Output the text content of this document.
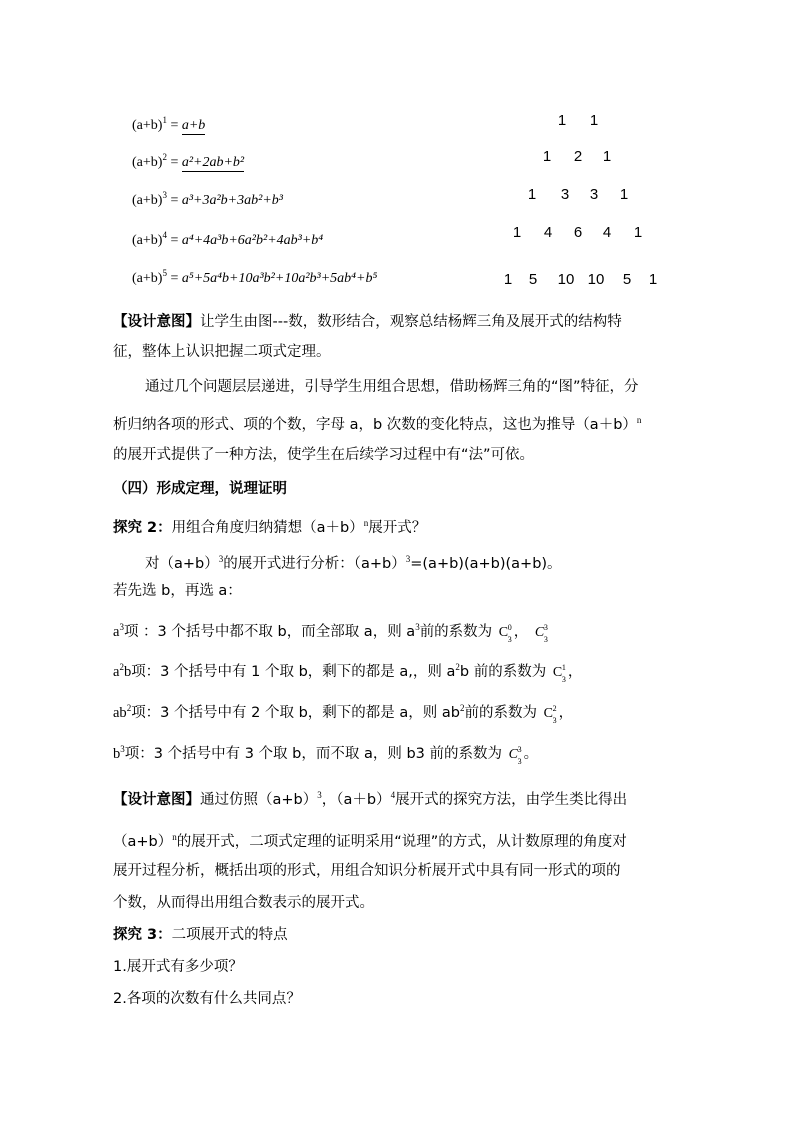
$(a+b)^1 = a+b$
$(a+b)^2 = a^2+2ab+b^2$
$(a+b)^3 = a^3+3a^2b+3ab^2+b^3$
$(a+b)^4 = a^4+4a^3b+6a^2b^2+4ab^3+b^4$
$(a+b)^5 = a^5+5a^4b+10a^3b^2+10a^2b^3+5ab^4+b^5$
1	1
1	2	1
1	3	3	1
1	4	6	4	1
1	5	10 10	5	1
【设计意图】让学生由图---数，数形结合，观察总结杨辉三角及展开式的结构特
征，整体上认识把握二项式定理。
通过几个问题层层递进，引导学生用组合思想，借助杨辉三角的“图”特征，分
析归纳各项的形式、项的个数，字母 a，b 次数的变化特点，这也为推导$(a+b)^n$
的展开式提供了一种方法，使学生在后续学习过程中有“法”可依。
（四）形成定理，说理证明
探究 2：用组合角度归纳猜想$(a+b)^n$展开式？
对$(a+b)^3$的展开式进行分析：$(a+b)^3=(a+b)(a+b)(a+b)$。
若先选 b，再选 a：
$a^3$项 ：3 个括号中都不取 b，而全部取 a，则 $a^3$前的系数为 C 0
3 ， C 3
3
$a^2b$项：3 个括号中有 1 个取 b，剩下的都是 a,，则 $a^2b$ 前的系数为 C 1
3 ，
$ab^2$项：3 个括号中有 2 个取 b，剩下的都是 a，则 $ab^2$前的系数为 C 2
3 ，
$b^3$项：3 个括号中有 3 个取 b，而不取 a，则 b3 前的系数为 C 3
3 。
【设计意图】通过仿照$(a+b)^3$，$(a+b)^4$展开式的探究方法，由学生类比得出
$(a+b)^n$的展开式，二项式定理的证明采用“说理”的方式，从计数原理的角度对
展开过程分析，概括出项的形式，用组合知识分析展开式中具有同一形式的项的
个数，从而得出用组合数表示的展开式。
探究 3：二项展开式的特点
1.展开式有多少项？
2.各项的次数有什么共同点？
